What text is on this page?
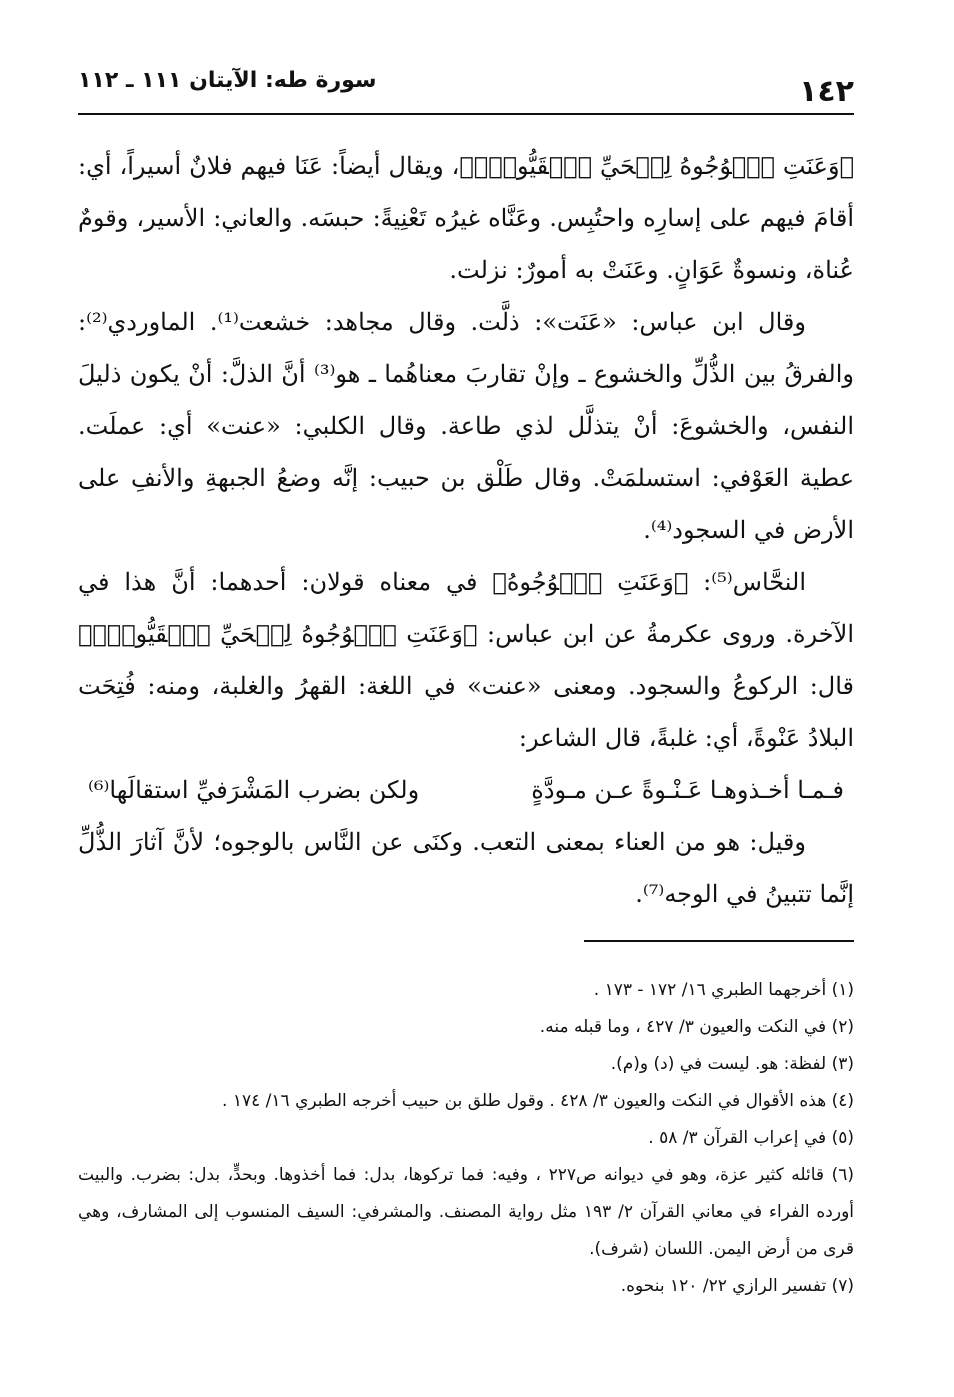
١٤٢
سورة طه: الآيتان ١١١ ـ ١١٢

﴿وَعَنَتِ ٱلۡوُجُوهُ لِلۡحَيِّ ٱلۡقَيُّومِۖ﴾، ويقال أيضاً: عَنَا فيهم فلانٌ أسيراً، أي: أقامَ فيهم على إسارِه واحتُبِس. وعَنَّاه غيرُه تَعْنِيةً: حبسَه. والعاني: الأسير، وقومٌ عُناة، ونسوةٌ عَوَانٍ. وعَنَتْ به أمورٌ: نزلت.

وقال ابن عباس: «عَنَت»: ذلَّت. وقال مجاهد: خشعت⁽¹⁾. الماوردي⁽²⁾: والفرقُ بين الذُّلِّ والخشوع ـ وإنْ تقاربَ معناهُما ـ هو⁽³⁾ أنَّ الذلَّ: أنْ يكون ذليلَ النفس، والخشوعَ: أنْ يتذلَّل لذي طاعة. وقال الكلبي: «عنت» أي: عملَت. عطية العَوْفي: استسلمَتْ. وقال طَلْق بن حبيب: إنَّه وضعُ الجبهةِ والأنفِ على الأرض في السجود⁽⁴⁾.

النحَّاس⁽⁵⁾: ﴿وَعَنَتِ ٱلۡوُجُوهُ﴾ في معناه قولان: أحدهما: أنَّ هذا في الآخرة. وروى عكرمةُ عن ابن عباس: ﴿وَعَنَتِ ٱلۡوُجُوهُ لِلۡحَيِّ ٱلۡقَيُّومِۖ﴾ قال: الركوعُ والسجود. ومعنى «عنت» في اللغة: القهرُ والغلبة، ومنه: فُتِحَت البلادُ عَنْوةً، أي: غلبةً، قال الشاعر:

فـمـا أخـذوهـا عَـنْـوةً عـن مـودَّةٍ
ولكن بضرب المَشْرَفيِّ استقالَها⁽⁶⁾

وقيل: هو من العناء بمعنى التعب. وكنَى عن النَّاس بالوجوه؛ لأنَّ آثارَ الذُّلِّ إنَّما تتبينُ في الوجه⁽⁷⁾.

(١) أخرجهما الطبري ١٦/ ١٧٢ - ١٧٣ .

(٢) في النكت والعيون ٣/ ٤٢٧ ، وما قبله منه.

(٣) لفظة: هو. ليست في (د) و(م).

(٤) هذه الأقوال في النكت والعيون ٣/ ٤٢٨ . وقول طلق بن حبيب أخرجه الطبري ١٦/ ١٧٤ .

(٥) في إعراب القرآن ٣/ ٥٨ .

(٦) قائله كثير عزة، وهو في ديوانه ص٢٢٧ ، وفيه: فما تركوها، بدل: فما أخذوها. وبحدٍّ، بدل: بضرب. والبيت أورده الفراء في معاني القرآن ٢/ ١٩٣ مثل رواية المصنف. والمشرفي: السيف المنسوب إلى المشارف، وهي قرى من أرض اليمن. اللسان (شرف).

(٧) تفسير الرازي ٢٢/ ١٢٠ بنحوه.
